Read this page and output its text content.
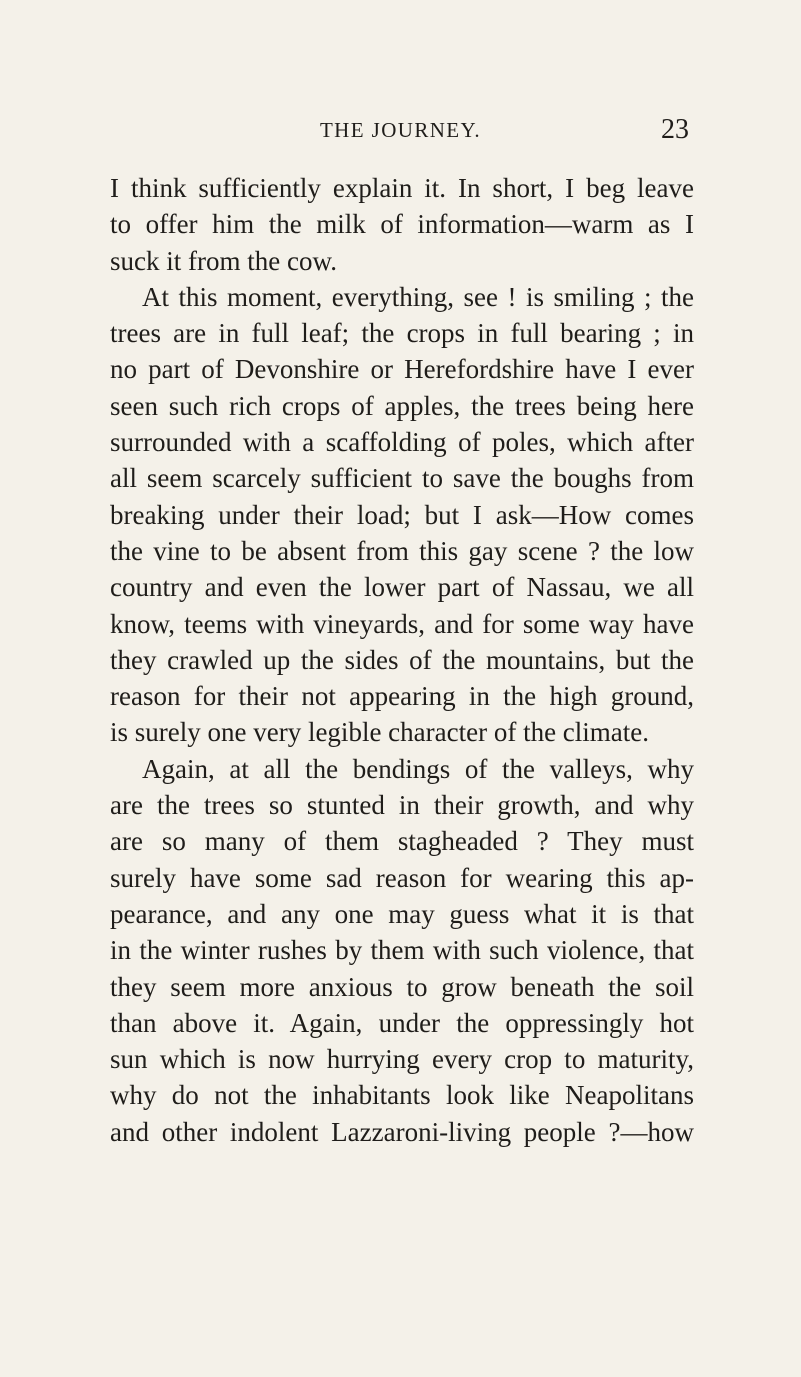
THE JOURNEY.	23
I think sufficiently explain it. In short, I beg leave
to offer him the milk of information—warm as I
suck it from the cow.
At this moment, everything, see ! is smiling ; the
trees are in full leaf; the crops in full bearing ; in
no part of Devonshire or Herefordshire have I ever
seen such rich crops of apples, the trees being here
surrounded with a scaffolding of poles, which after
all seem scarcely sufficient to save the boughs from
breaking under their load; but I ask—How comes
the vine to be absent from this gay scene ? the low
country and even the lower part of Nassau, we all
know, teems with vineyards, and for some way have
they crawled up the sides of the mountains, but the
reason for their not appearing in the high ground,
is surely one very legible character of the climate.
Again, at all the bendings of the valleys, why
are the trees so stunted in their growth, and why
are so many of them stagheaded ? They must
surely have some sad reason for wearing this ap-
pearance, and any one may guess what it is that
in the winter rushes by them with such violence, that
they seem more anxious to grow beneath the soil
than above it. Again, under the oppressingly hot
sun which is now hurrying every crop to maturity,
why do not the inhabitants look like Neapolitans
and other indolent Lazzaroni-living people ?—how
